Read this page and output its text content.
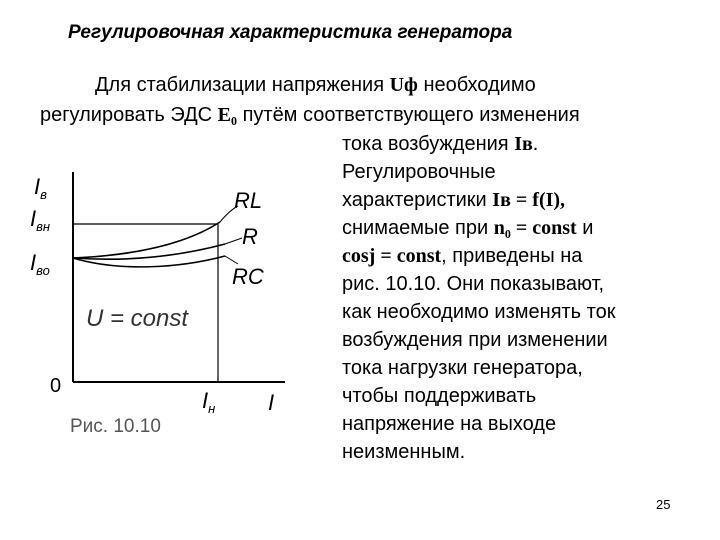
Регулировочная характеристика генератора
Для стабилизации напряжения Uф необходимо
регулировать ЭДС E₀ путём соответствующего изменения
тока возбуждения Iв.
Регулировочные
характеристики Iв = f(I),
снимаемые при n₀ = const и
cosj = const, приведены на
рис. 10.10. Они показывают,
как необходимо изменять ток
возбуждения при изменении
тока нагрузки генератора,
чтобы поддерживать
напряжение на выходе
неизменным.
$I_в$
$I_{вн}$
$I_{во}$
0
$I_н$ I
RL
R
RC
U = const
Рис. 10.10
25
